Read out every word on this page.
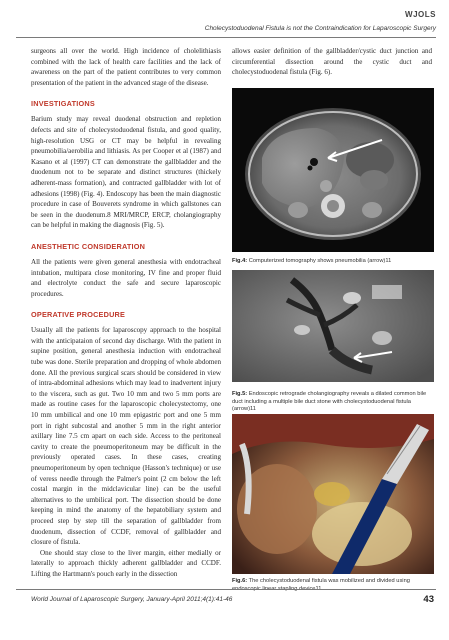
WJOLS
Cholecystoduodenal Fistula is not the Contraindication for Laparoscopic Surgery

surgeons all over the world. High incidence of cholelithiasis combined with the lack of health care facilities and the lack of awareness on the part of the patient contributes to very common presentation of the patient in the advanced stage of the disease.

INVESTIGATIONS

Barium study may reveal duodenal obstruction and repletion defects and site of cholecystoduodenal fistula, and good quality, high-resolution USG or CT may be helpful in revealing pneumobilia/aerobilia and lithiasis. As per Cooper et al (1987) and Kasano et al (1997) CT can demonstrate the gallbladder and the duodenum not to be separate and distinct structures (thickely adherent-mass formation), and contracted gallbladder with lot of adhesions (1998) (Fig. 4). Endoscopy has been the main diagnostic procedure in case of Bouverets syndrome in which gallstones can be seen in the duodenum.8 MRI/MRCP, ERCP, cholangiography can be helpful in making the diagnosis (Fig. 5).

ANESTHETIC CONSIDERATION

All the patients were given general anesthesia with endotracheal intubation, multipara close monitoring, IV fine and proper fluid and electrolyte conduct the safe and secure laparoscopic procedures.

OPERATIVE PROCEDURE

Usually all the patients for laparoscopy approach to the hospital with the anticipataion of second day discharge. With the patient in supine position, general anesthesia induction with endotracheal tube was done. Sterile preparation and dropping of whole abdomen done. All the previous surgical scars should be considered in view of intra-abdominal adhesions which may lead to inadvertent injury to the viscera, such as gut. Two 10 mm and two 5 mm ports are made as routine cases for the laparoscopic cholecystectomy, one 10 mm umbilical and one 10 mm epigastric port and one 5 mm port in right subcostal and another 5 mm in the right anterior axillary line 7.5 cm apart on each side. Access to the peritoneal cavity to create the pneumoperitoneum may be difficult in the previously operated cases. In these cases, creating pneumoperitoneum by open technique (Hasson's technique) or use of veress needle through the Palmer's point (2 cm below the left costal margin in the midclavicular line) can be the useful alternatives to the umbilical port. The dissection should be done keeping in mind the anatomy of the hepatobiliary system and proceed step by step till the separation of gallbladder from duodenum, dissection of CCDF, removal of gallbladder and closure of fistula.

One should stay close to the liver margin, either medially or laterally to approach thickly adherent gallbladder and CCDF. Lifting the Hartmann's pouch early in the dissection

allows easier definition of the gallbladder/cystic duct junction and circumferential dissection around the cystic duct and cholecystoduodenal fistula (Fig. 6).

Fig.4: Computerized tomography shows pneumobilia (arrow)11
Fig.5: Endoscopic retrograde cholangiography reveals a dilated common bile duct including a multiple bile duct stone with cholecystoduodenal fistula (arrow)11
Fig.6: The cholecystoduodenal fistula was mobilized and divided using endoscopic linear stapling device11
World Journal of Laparoscopic Surgery, January-April 2011;4(1):41-46	43
